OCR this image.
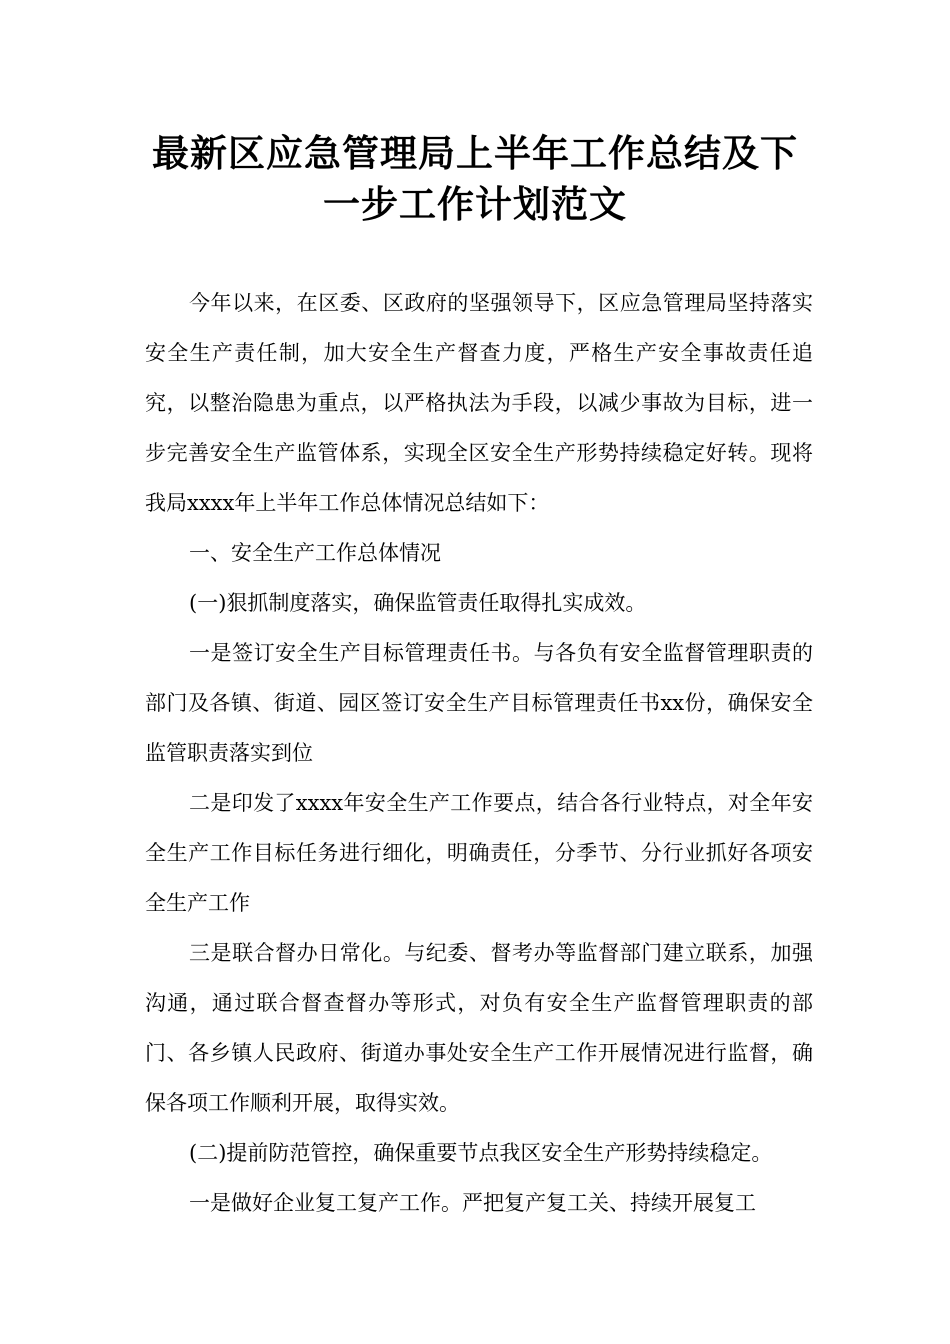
最新区应急管理局上半年工作总结及下
一步工作计划范文

今年以来，在区委、区政府的坚强领导下，区应急管理局坚持落实安全生产责任制，加大安全生产督查力度，严格生产安全事故责任追究，以整治隐患为重点，以严格执法为手段，以减少事故为目标，进一步完善安全生产监管体系，实现全区安全生产形势持续稳定好转。现将我局xxxx年上半年工作总体情况总结如下：

一、安全生产工作总体情况

(一)狠抓制度落实，确保监管责任取得扎实成效。

一是签订安全生产目标管理责任书。与各负有安全监督管理职责的部门及各镇、街道、园区签订安全生产目标管理责任书xx份，确保安全监管职责落实到位

二是印发了xxxx年安全生产工作要点，结合各行业特点，对全年安全生产工作目标任务进行细化，明确责任，分季节、分行业抓好各项安全生产工作

三是联合督办日常化。与纪委、督考办等监督部门建立联系，加强沟通，通过联合督查督办等形式，对负有安全生产监督管理职责的部门、各乡镇人民政府、街道办事处安全生产工作开展情况进行监督，确保各项工作顺利开展，取得实效。

(二)提前防范管控，确保重要节点我区安全生产形势持续稳定。

一是做好企业复工复产工作。严把复产复工关、持续开展复工
